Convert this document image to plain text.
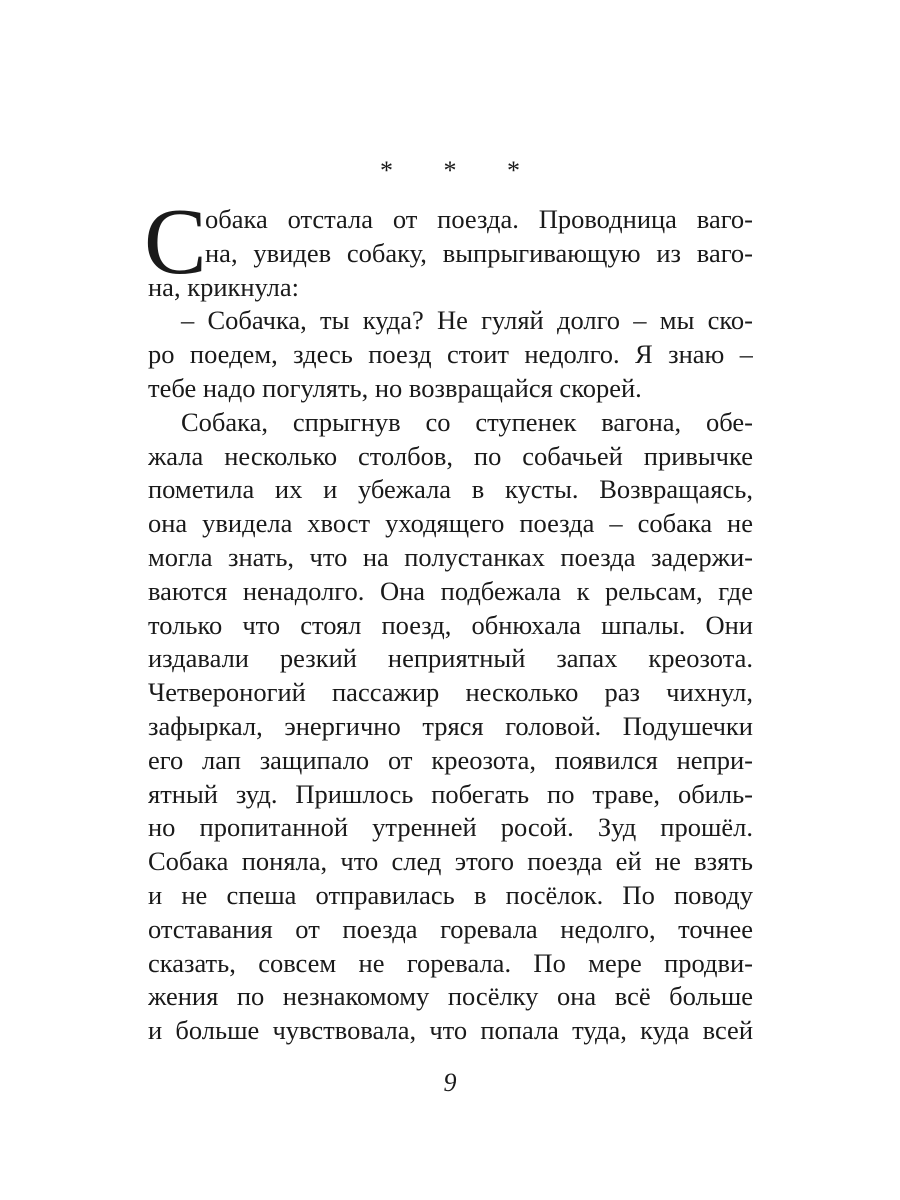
* * *
С
обака отстала от поезда. Проводница ваго-
на, увидев собаку, выпрыгивающую из ваго-
на, крикнула:
– Собачка, ты куда? Не гуляй долго – мы ско-
ро поедем, здесь поезд стоит недолго. Я знаю –
тебе надо погулять, но возвращайся скорей.
Собака, спрыгнув со ступенек вагона, обе-
жала несколько столбов, по собачьей привычке
пометила их и убежала в кусты. Возвращаясь,
она увидела хвост уходящего поезда – собака не
могла знать, что на полустанках поезда задержи-
ваются ненадолго. Она подбежала к рельсам, где
только что стоял поезд, обнюхала шпалы. Они
издавали резкий неприятный запах креозота.
Четвероногий пассажир несколько раз чихнул,
зафыркал, энергично тряся головой. Подушечки
его лап защипало от креозота, появился непри-
ятный зуд. Пришлось побегать по траве, обиль-
но пропитанной утренней росой. Зуд прошёл.
Собака поняла, что след этого поезда ей не взять
и не спеша отправилась в посёлок. По поводу
отставания от поезда горевала недолго, точнее
сказать, совсем не горевала. По мере продви-
жения по незнакомому посёлку она всё больше
и больше чувствовала, что попала туда, куда всей
9
